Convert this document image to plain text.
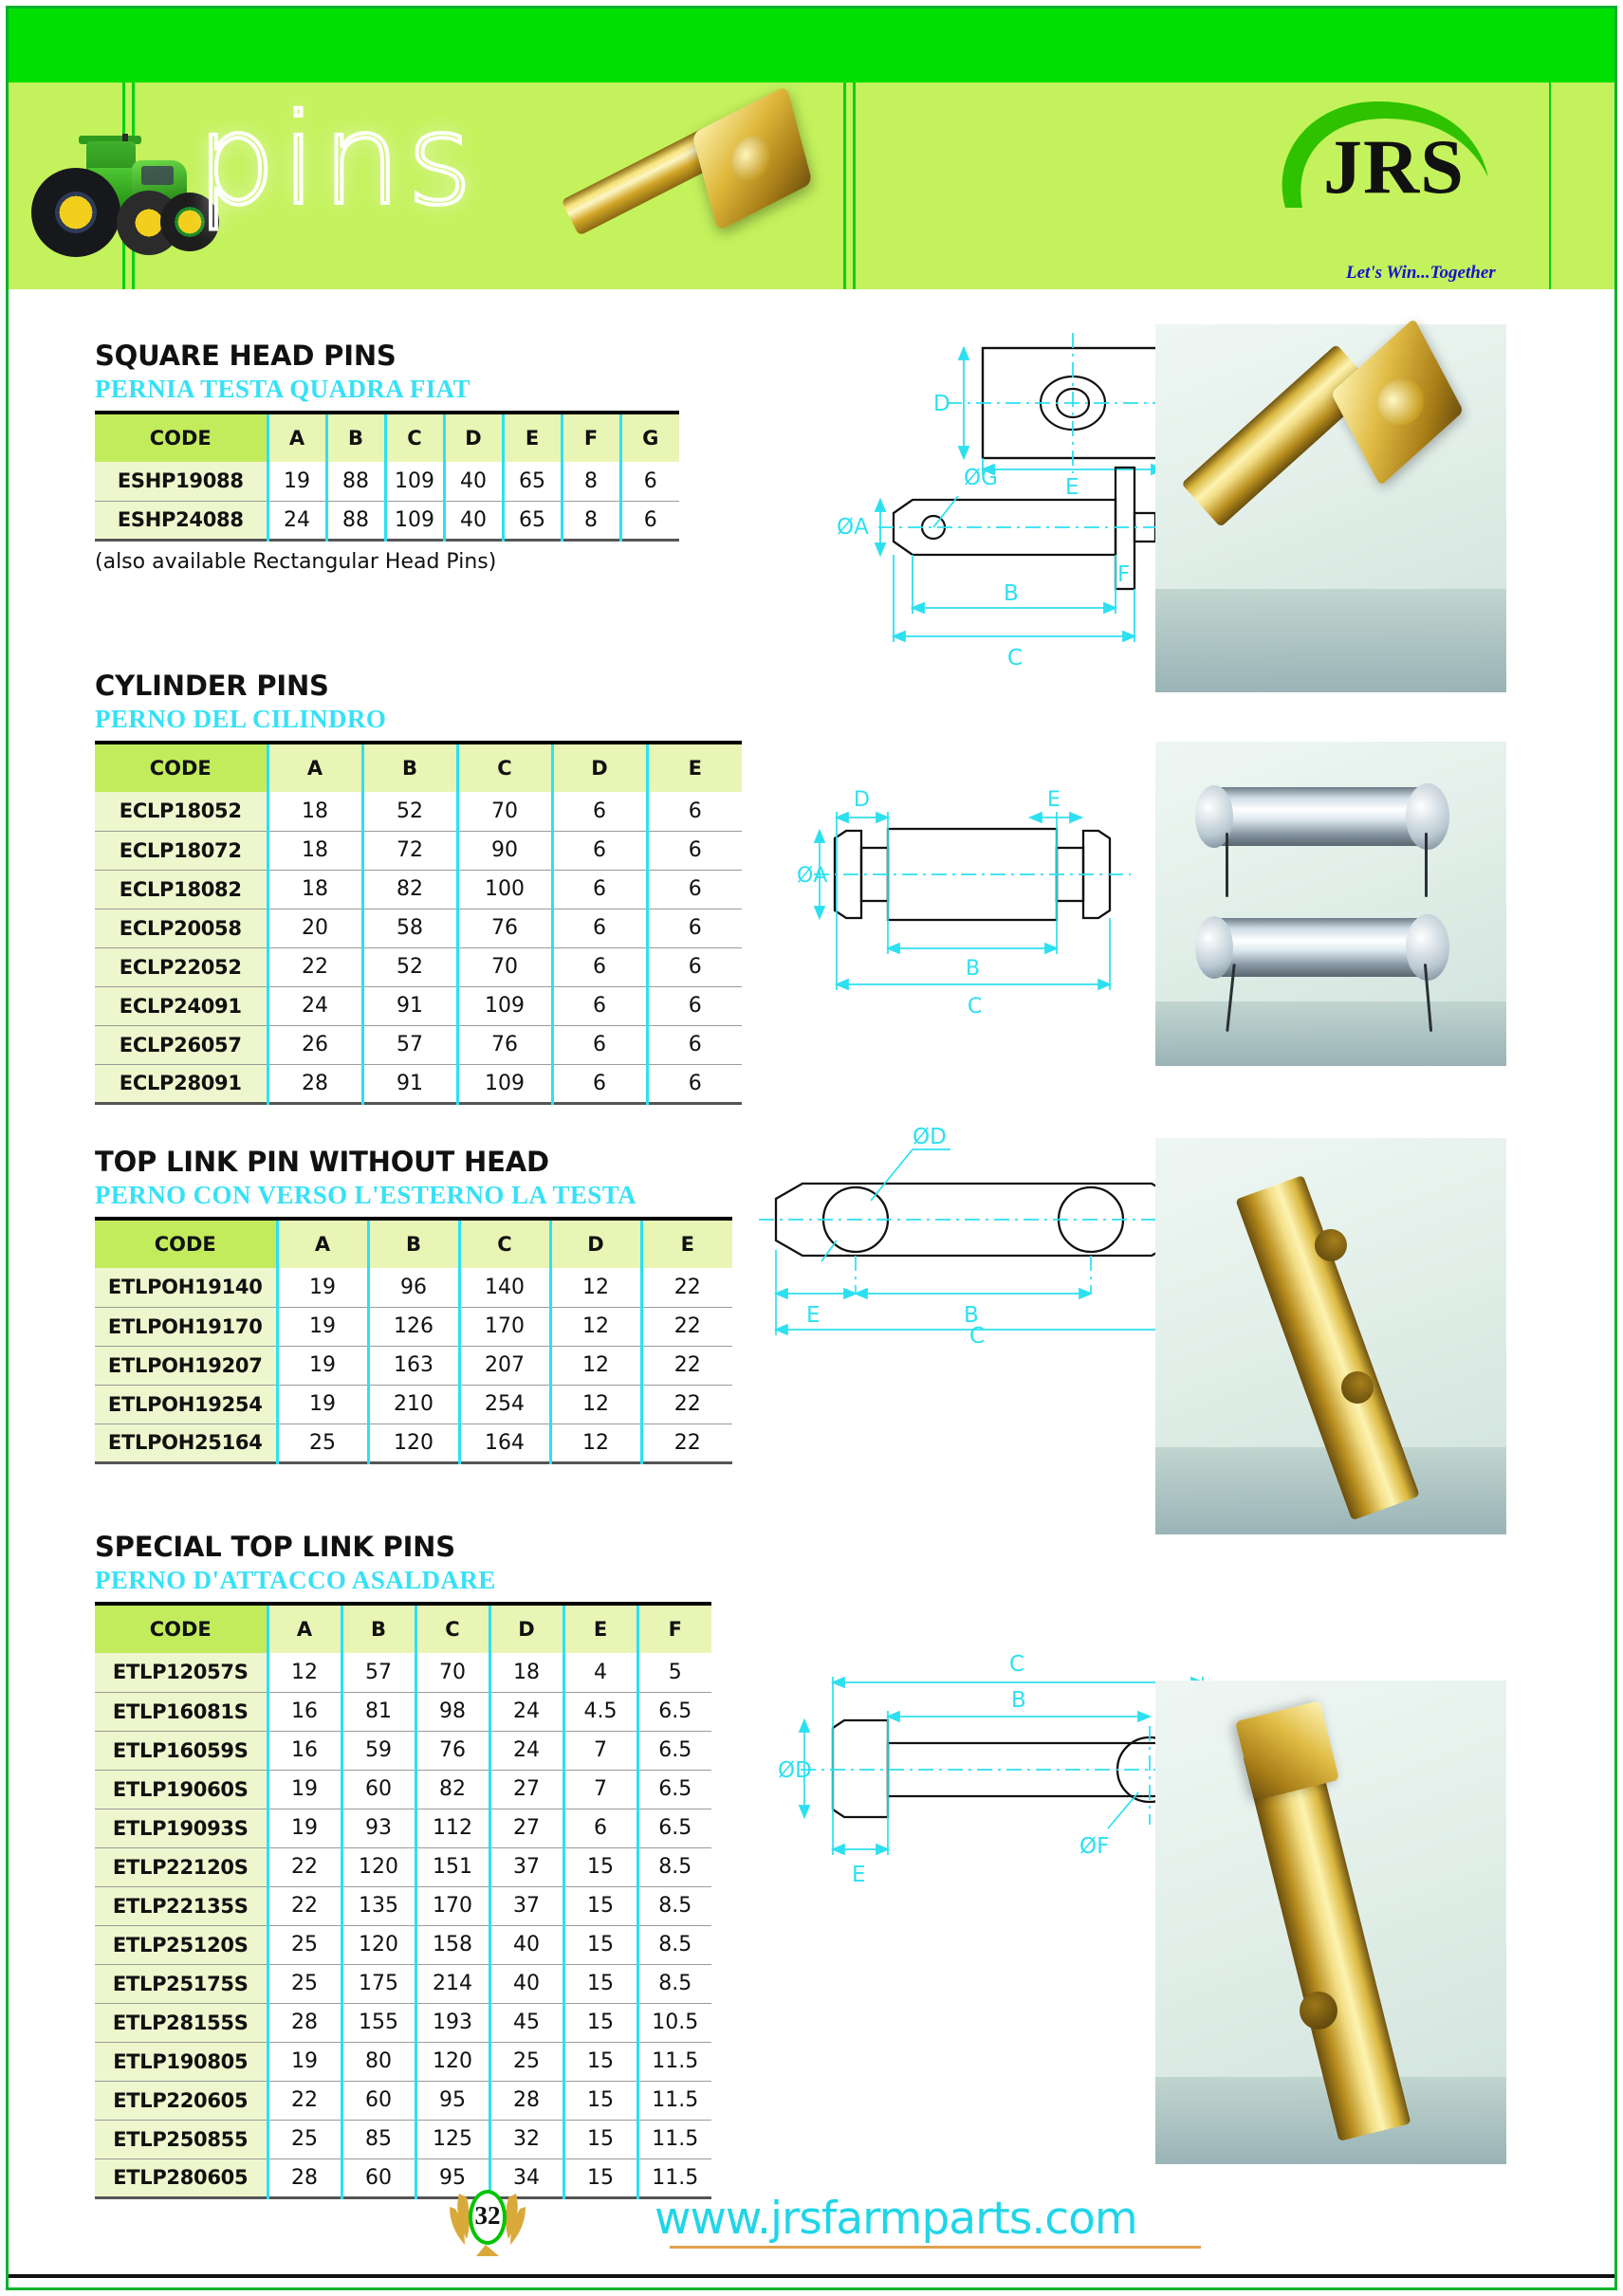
pins	JRS
Let's Win...Together
SQUARE HEAD PINS
PERNIA TESTA QUADRA FIAT
CODE	A	B	C	D	E	F	G
ESHP19088	19	88	109	40	65	8	6
ESHP24088	24	88	109	40	65	8	6
(also available Rectangular Head Pins)
D
E
ØG
ØA
B
C
F
CYLINDER PINS
PERNO DEL CILINDRO
CODE	A	B	C	D	E
ECLP18052	18	52	70	6	6
ECLP18072	18	72	90	6	6
ECLP18082	18	82	100	6	6
ECLP20058	20	58	76	6	6
ECLP22052	22	52	70	6	6
ECLP24091	24	91	109	6	6
ECLP26057	26	57	76	6	6
ECLP28091	28	91	109	6	6
ØA
D	E
B
C
TOP LINK PIN WITHOUT HEAD
PERNO CON VERSO L'ESTERNO LA TESTA
CODE	A	B	C	D	E
ETLPOH19140	19	96	140	12	22
ETLPOH19170	19	126	170	12	22
ETLPOH19207	19	163	207	12	22
ETLPOH19254	19	210	254	12	22
ETLPOH25164	25	120	164	12	22
ØD
E	B
C
SPECIAL TOP LINK PINS
PERNO D'ATTACCO ASALDARE
CODE	A	B	C	D	E	F
ETLP12057S	12	57	70	18	4	5
ETLP16081S	16	81	98	24	4.5	6.5
ETLP16059S	16	59	76	24	7	6.5
ETLP19060S	19	60	82	27	7	6.5
ETLP19093S	19	93	112	27	6	6.5
ETLP22120S	22	120	151	37	15	8.5
ETLP22135S	22	135	170	37	15	8.5
ETLP25120S	25	120	158	40	15	8.5
ETLP25175S	25	175	214	40	15	8.5
ETLP28155S	28	155	193	45	15	10.5
ETLP190805	19	80	120	25	15	11.5
ETLP220605	22	60	95	28	15	11.5
ETLP250855	25	85	125	32	15	11.5
ETLP280605	28	60	95	34	15	11.5
ØD
C
B
ØF
E
32	www.jrsfarmparts.com
